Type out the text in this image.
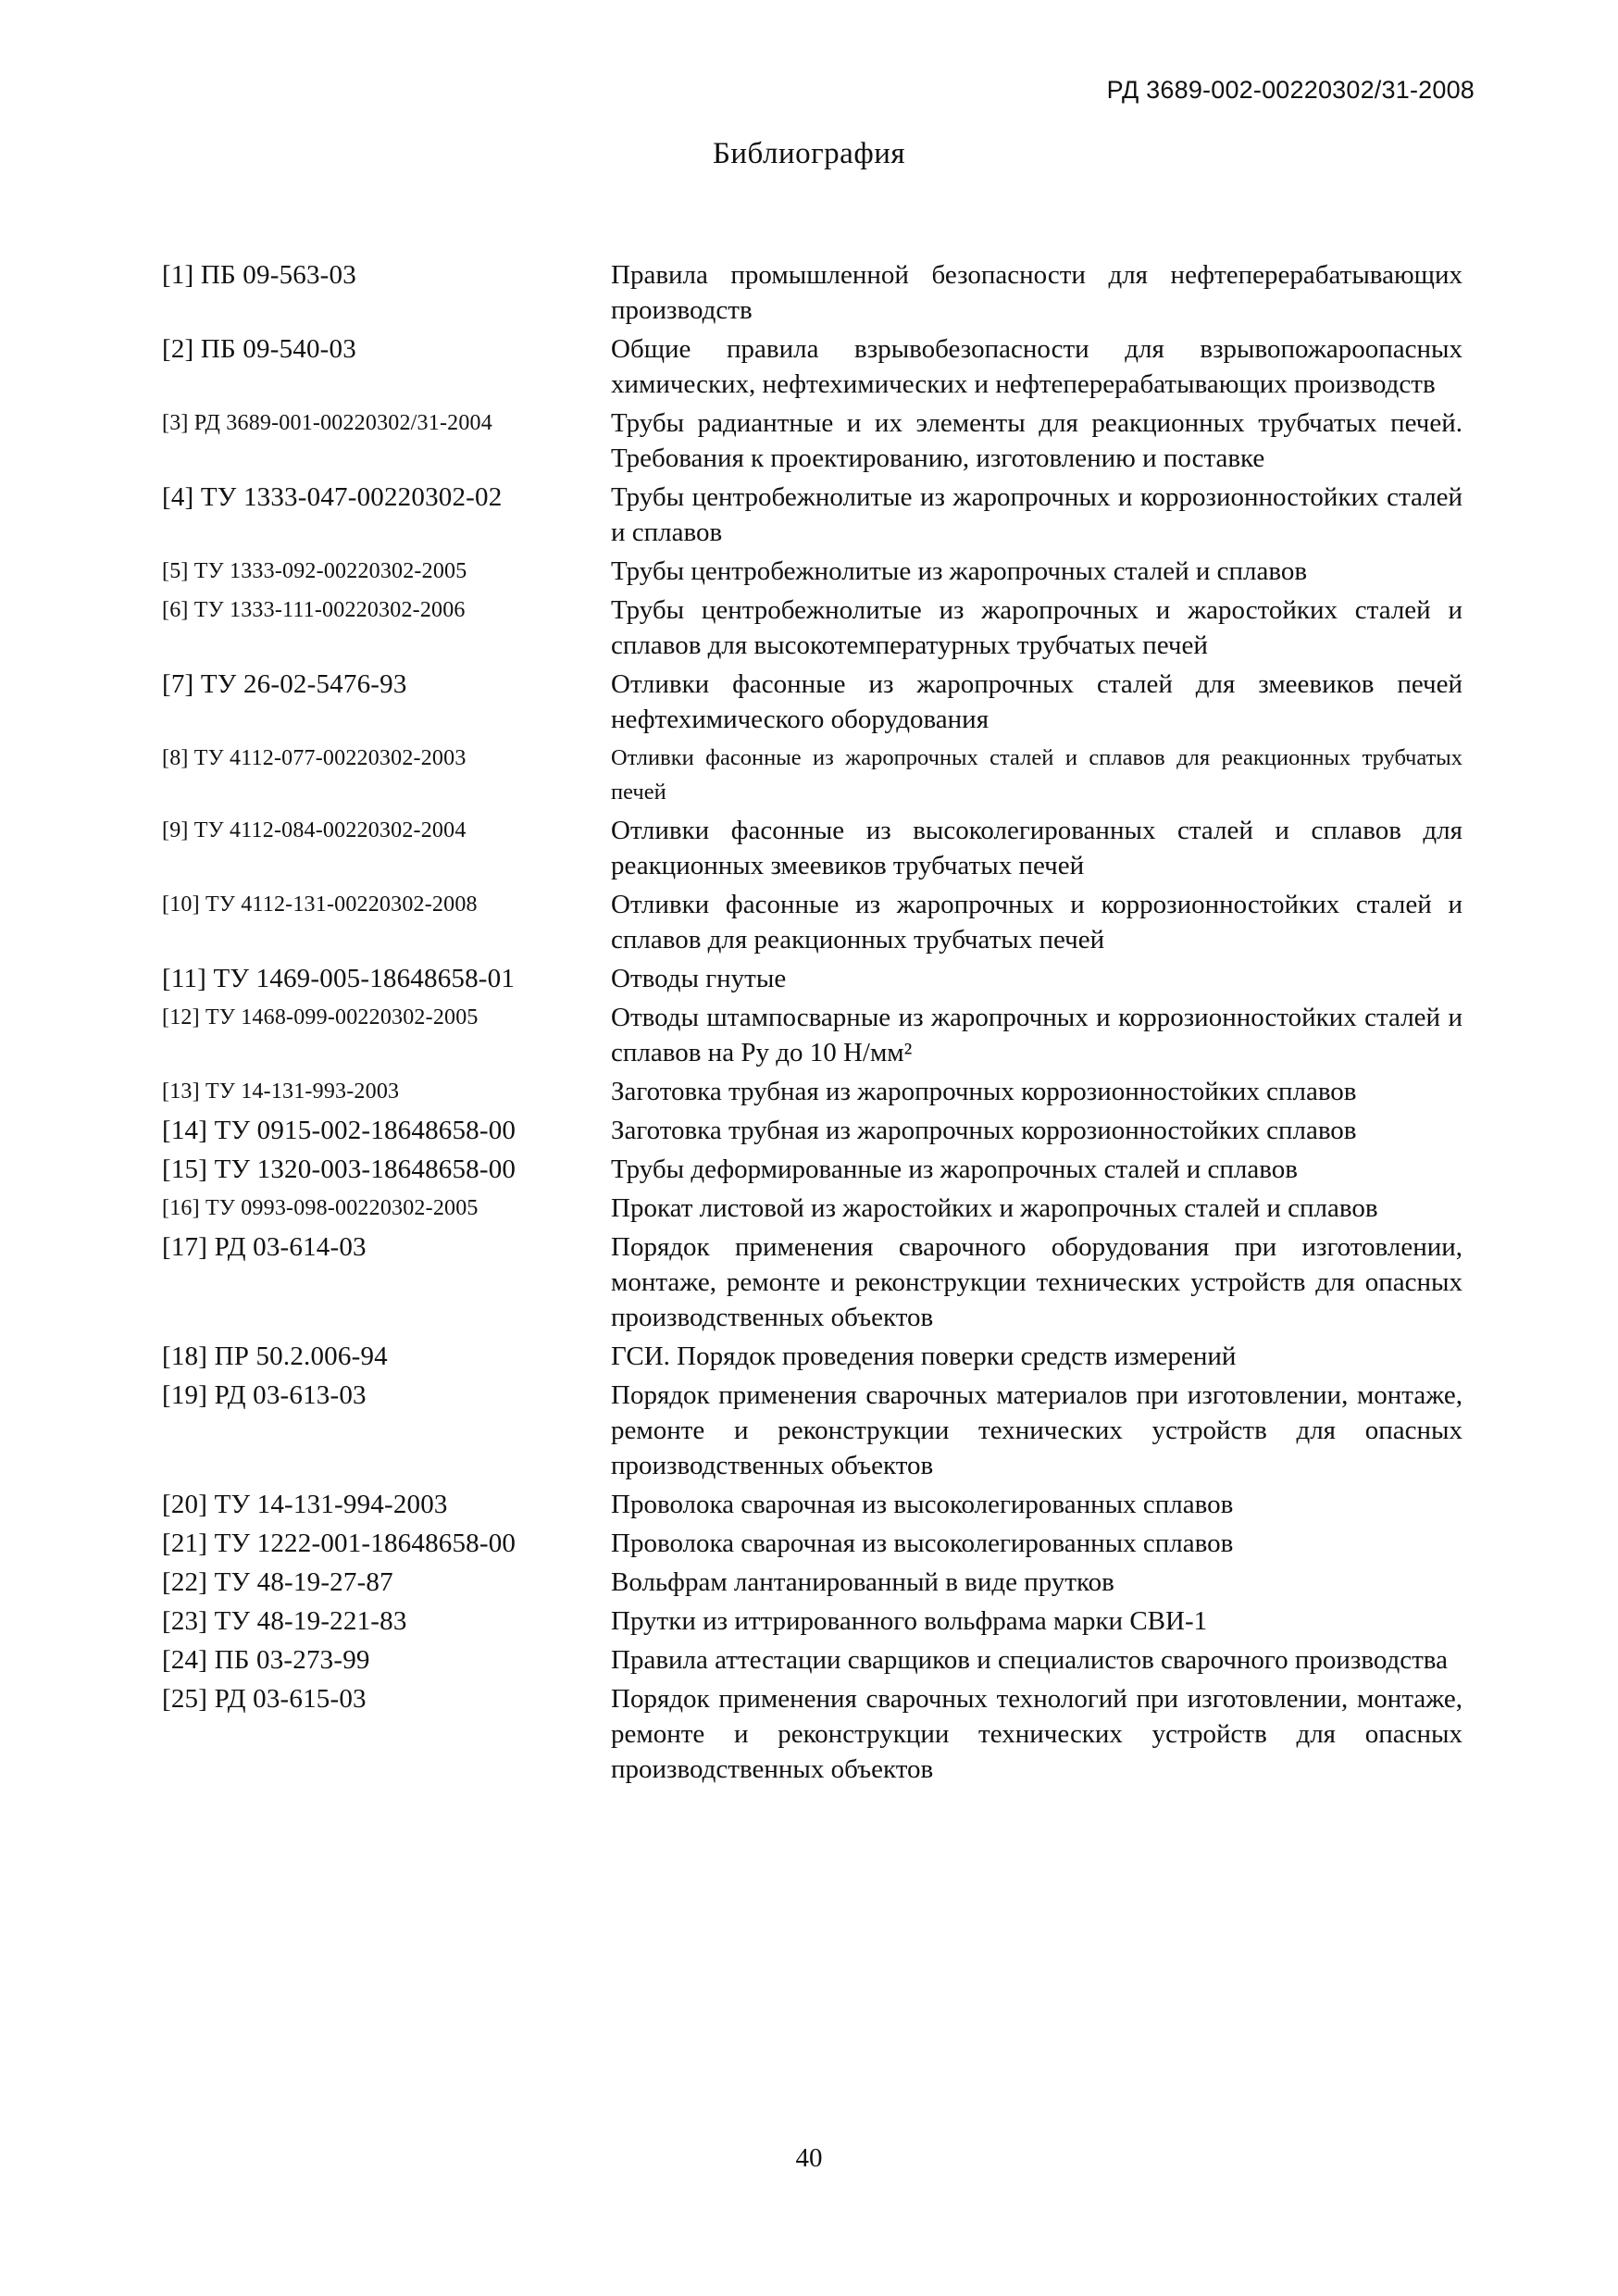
РД 3689-002-00220302/31-2008
Библиография
[1] ПБ 09-563-03	Правила промышленной безопасности для нефтеперерабатывающих производств
[2] ПБ 09-540-03	Общие правила взрывобезопасности для взрывопожароопасных химических, нефтехимических и нефтеперерабатывающих производств
[3] РД 3689-001-00220302/31-2004	Трубы радиантные и их элементы для реакционных трубчатых печей. Требования к проектированию, изготовлению и поставке
[4] ТУ 1333-047-00220302-02	Трубы центробежнолитые из жаропрочных и коррозионностойких сталей и сплавов
[5] ТУ 1333-092-00220302-2005	Трубы центробежнолитые из жаропрочных сталей и сплавов
[6] ТУ 1333-111-00220302-2006	Трубы центробежнолитые из жаропрочных и жаростойких сталей и сплавов для высокотемпературных трубчатых печей
[7] ТУ 26-02-5476-93	Отливки фасонные из жаропрочных сталей для змеевиков печей нефтехимического оборудования
[8] ТУ 4112-077-00220302-2003	Отливки фасонные из жаропрочных сталей и сплавов для реакционных трубчатых печей
[9] ТУ 4112-084-00220302-2004	Отливки фасонные из высоколегированных сталей и сплавов для реакционных змеевиков трубчатых печей
[10] ТУ 4112-131-00220302-2008	Отливки фасонные из жаропрочных и коррозионностойких сталей и сплавов для реакционных трубчатых печей
[11] ТУ 1469-005-18648658-01	Отводы гнутые
[12] ТУ 1468-099-00220302-2005	Отводы штампосварные из жаропрочных и коррозионностойких сталей и сплавов на Ру до 10 Н/мм²
[13] ТУ 14-131-993-2003	Заготовка трубная из жаропрочных коррозионностойких сплавов
[14] ТУ 0915-002-18648658-00	Заготовка трубная из жаропрочных коррозионностойких сплавов
[15] ТУ 1320-003-18648658-00	Трубы деформированные из жаропрочных сталей и сплавов
[16] ТУ 0993-098-00220302-2005	Прокат листовой из жаростойких и жаропрочных сталей и сплавов
[17] РД 03-614-03	Порядок применения сварочного оборудования при изготовлении, монтаже, ремонте и реконструкции технических устройств для опасных производственных объектов
[18] ПР 50.2.006-94	ГСИ. Порядок проведения поверки средств измерений
[19] РД 03-613-03	Порядок применения сварочных материалов при изготовлении, монтаже, ремонте и реконструкции технических устройств для опасных производственных объектов
[20] ТУ 14-131-994-2003	Проволока сварочная из высоколегированных сплавов
[21] ТУ 1222-001-18648658-00	Проволока сварочная из высоколегированных сплавов
[22] ТУ 48-19-27-87	Вольфрам лантанированный в виде прутков
[23] ТУ 48-19-221-83	Прутки из иттрированного вольфрама марки СВИ-1
[24] ПБ 03-273-99	Правила аттестации сварщиков и специалистов сварочного производства
[25] РД 03-615-03	Порядок применения сварочных технологий при изготовлении, монтаже, ремонте и реконструкции технических устройств для опасных производственных объектов
40
